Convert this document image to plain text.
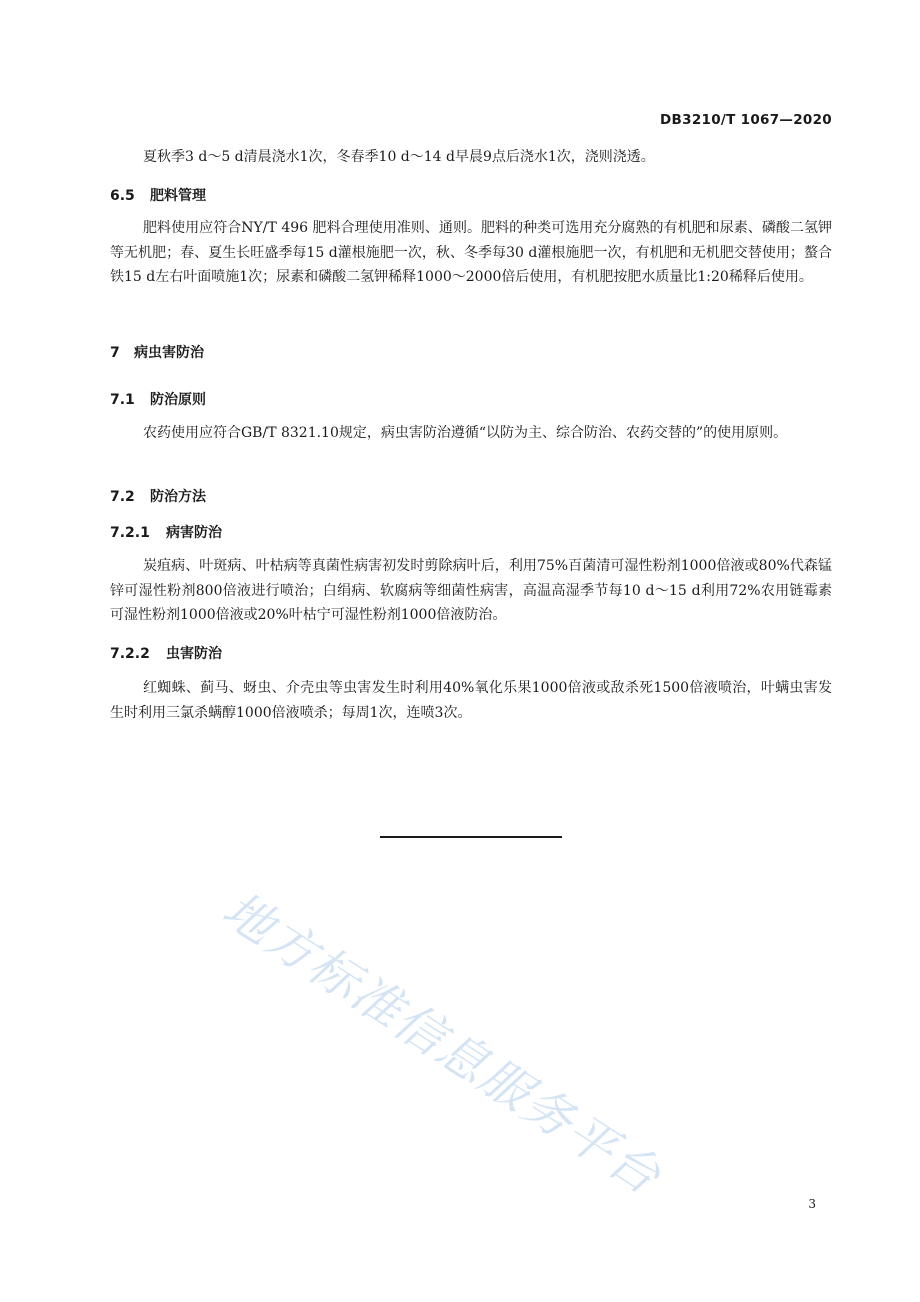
DB3210/T 1067—2020

夏秋季3 d～5 d清晨浇水1次，冬春季10 d～14 d早晨9点后浇水1次，浇则浇透。

6.5 肥料管理

肥料使用应符合NY/T 496 肥料合理使用准则、通则。肥料的种类可选用充分腐熟的有机肥和尿素、磷酸二氢钾等无机肥；春、夏生长旺盛季每15 d灌根施肥一次，秋、冬季每30 d灌根施肥一次，有机肥和无机肥交替使用；螯合铁15 d左右叶面喷施1次；尿素和磷酸二氢钾稀释1000～2000倍后使用，有机肥按肥水质量比1:20稀释后使用。

7 病虫害防治
7.1 防治原则

农药使用应符合GB/T 8321.10规定，病虫害防治遵循“以防为主、综合防治、农药交替的”的使用原则。

7.2 防治方法
7.2.1 病害防治

炭疽病、叶斑病、叶枯病等真菌性病害初发时剪除病叶后，利用75%百菌清可湿性粉剂1000倍液或80%代森锰锌可湿性粉剂800倍液进行喷治；白绢病、软腐病等细菌性病害，高温高湿季节每10 d～15 d利用72%农用链霉素可湿性粉剂1000倍液或20%叶枯宁可湿性粉剂1000倍液防治。

7.2.2 虫害防治

红蜘蛛、蓟马、蚜虫、介壳虫等虫害发生时利用40%氧化乐果1000倍液或敌杀死1500倍液喷治，叶螨虫害发生时利用三氯杀螨醇1000倍液喷杀；每周1次，连喷3次。

地方标准信息服务平台	3
